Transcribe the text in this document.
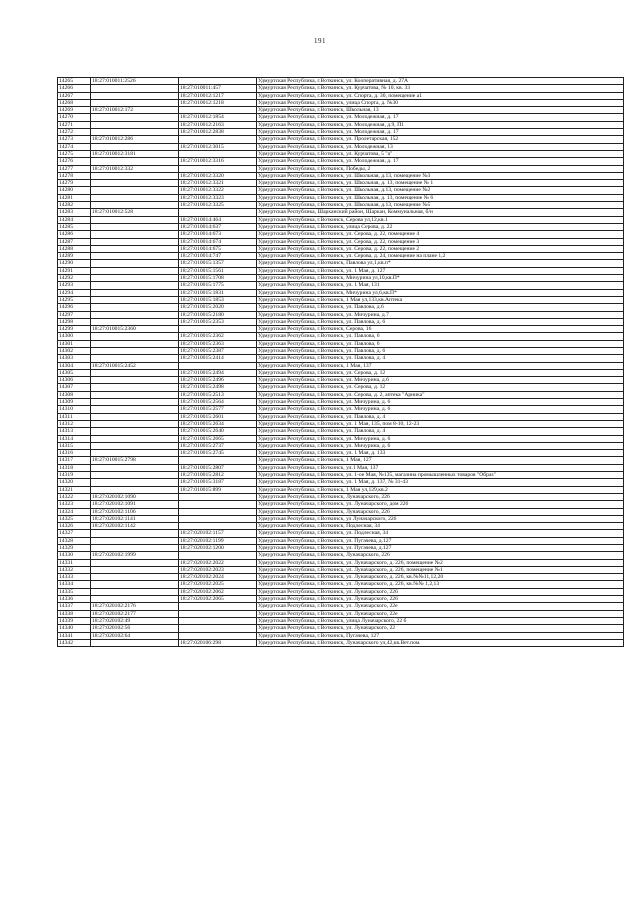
191
14265	18:27:010011:2526		Удмуртская Республика, г.Воткинск, ул. Кооперативная, д. 27А
14266		18:27:010011:457	Удмуртская Республика, г.Воткинск, ул. Курчатова, № 10, кв. 33
14267		18:27:010012:1217	Удмуртская Республика, г.Воткинск, ул. Спорта, д. 30, помещение а1
14268		18:27:010012:1218	Удмуртская Республика, г.Воткинск, улица Спорта, д. №30
14269	18:27:010012:172		Удмуртская Республика, г.Воткинск, Школьная, 13
14270		18:27:010012:1854	Удмуртская Республика, г.Воткинск, ул. Молодежная, д. 17
14271		18:27:010012:2163	Удмуртская Республика, г.Воткинск, ул. Молодежная, д.9, П1
14272		18:27:010012:2838	Удмуртская Республика, г.Воткинск, ул. Молодежная, д. 17
14273	18:27:010012:286		Удмуртская Республика, г.Воткинск, ул. Пролетарская, 152
14274		18:27:010012:3015	Удмуртская Республика, г.Воткинск, ул. Молодежная, 13
14275	18:27:010012:3181		Удмуртская Республика, г.Воткинск, ул. Курчатова, 5 "а"
14276		18:27:010012:3316	Удмуртская Республика, г.Воткинск, ул. Молодежная, д. 17
14277	18:27:010012:332		Удмуртская Республика, г.Воткинск, Победы, 2
14278		18:27:010012:3320	Удмуртская Республика, г.Воткинск, ул. Школьная, д.13, помещение №3
14279		18:27:010012:3321	Удмуртская Республика, г.Воткинск, ул. Школьная, д. 13, помещение № 1
14280		18:27:010012:3322	Удмуртская Республика, г.Воткинск, ул. Школьная, д.13, помещение №2
14281		18:27:010012:3323	Удмуртская Республика, г.Воткинск, ул. Школьная, д. 13, помещение № 6
14282		18:27:010012:3325	Удмуртская Республика, г.Воткинск, ул. Школьная, д.13, помещение №5
14283	18:27:010012:528		Удмуртская Республика, Шарканский район, Шаркан, Коммунальная, б/н
14284		18:27:010014:464	Удмуртская Республика, г.Воткинск, Серова ул,12,кв.1
14285		18:27:010014:637	Удмуртская Республика, г.Воткинск, улица Серова, д. 22
14286		18:27:010014:673	Удмуртская Республика, г.Воткинск, ул. Серова, д. 22, помещение 4
14287		18:27:010014:674	Удмуртская Республика, г.Воткинск, ул. Серова, д. 22, помещение 3
14288		18:27:010014:675	Удмуртская Республика, г.Воткинск, ул. Серова, д. 22, помещение 2
14289		18:27:010014:747	Удмуртская Республика, г.Воткинск, ул. Серова, д. 24, помещение на плане 1,2
14290		18:27:010015:1357	Удмуртская Республика, г.Воткинск, Павлова ул,1,кв.п*
14291		18:27:010015:1561	Удмуртская Республика, г.Воткинск, ул. 1 Мая, д. 127
14292		18:27:010015:1708	Удмуртская Республика, г.Воткинск, Мичурина ул,10,кв.П*
14293		18:27:010015:1775	Удмуртская Республика, г.Воткинск, ул. 1 Мая, 131
14294		18:27:010015:1831	Удмуртская Республика, г.Воткинск, Мичурина ул,6,кв.П*
14295		18:27:010015:1853	Удмуртская Республика, г.Воткинск, 1 Мая ул,133,кв.Аптека
14296		18:27:010015:2020	Удмуртская Республика, г.Воткинск, ул. Павлова, д.6
14297		18:27:010015:2180	Удмуртская Республика, г.Воткинск, ул. Мичурина, д.7
14298		18:27:010015:2353	Удмуртская Республика, г.Воткинск, ул. Павлова, д. 6
14299	18:27:010015:2360		Удмуртская Республика, г.Воткинск, Серова, 16
14300		18:27:010015:2362	Удмуртская Республика, г.Воткинск, ул. Павлова, 6
14301		18:27:010015:2363	Удмуртская Республика, г.Воткинск, ул. Павлова, 6
14302		18:27:010015:2387	Удмуртская Республика, г.Воткинск, ул. Павлова, д. 6
14303		18:27:010015:2414	Удмуртская Республика, г.Воткинск, ул. Павлова, д. 4
14304	18:27:010015:2452		Удмуртская Республика, г.Воткинск, 1 Мая, 137
14305		18:27:010015:2494	Удмуртская Республика, г.Воткинск, ул. Серова, д. 12
14306		18:27:010015:2496	Удмуртская Республика, г.Воткинск, ул. Мичурина, д.6
14307		18:27:010015:2498	Удмуртская Республика, г.Воткинск, ул. Серова, д. 12
14308		18:27:010015:2513	Удмуртская Республика, г.Воткинск, ул. Серова, д. 2, аптека "Арника"
14309		18:27:010015:2564	Удмуртская Республика, г.Воткинск, ул. Мичурина, д. 6
14310		18:27:010015:2577	Удмуртская Республика, г.Воткинск, ул. Мичурина, д. 6
14311		18:27:010015:2601	Удмуртская Республика, г.Воткинск, ул. Павлова, д. 4
14312		18:27:010015:2634	Удмуртская Республика, г.Воткинск, ул. 1 Мая, 135, пом 8-10, 12-23
14313		18:27:010015:2640	Удмуртская Республика, г.Воткинск, ул. Павлова, д. 4
14314		18:27:010015:2665	Удмуртская Республика, г.Воткинск, ул. Мичурина, д. 6
14315		18:27:010015:2737	Удмуртская Республика, г.Воткинск, ул. Мичурина, д. 6
14316		18:27:010015:2745	Удмуртская Республика, г.Воткинск, ул. 1 Мая, д. 133
14317	18:27:010015:2798		Удмуртская Республика, г.Воткинск, 1 Мая, 127
14318		18:27:010015:2807	Удмуртская Республика, г.Воткинск, ул.1 Мая, 137
14319		18:27:010015:2812	Удмуртская Республика, г.Воткинск, ул. 1-ое Мая, №135, магазина промышленных товаров "Образ"
14320		18:27:010015:3187	Удмуртская Республика, г.Воткинск, ул. 1 Мая, д. 137, № 31-43
14321		18:27:010015:899	Удмуртская Республика, г.Воткинск, 1 Мая ул,129,кв.2
14322	18:27:020102:1090		Удмуртская Республика, г.Воткинск, Луначарского, 226
14323	18:27:020102:1091		Удмуртская Республика, г.Воткинск, ул. Луначарского, дом 226
14324	18:27:020102:1106		Удмуртская Республика, г.Воткинск, Луначарского, 226
14325	18:27:020102:1141		Удмуртская Республика, г.Воткинск, ул Луначарского, 226
14326	18:27:020102:1142		Удмуртская Республика, г.Воткинск, Подлесная, 34
14327		18:27:020102:1157	Удмуртская Республика, г.Воткинск, ул. Подлесная, 34
14328		18:27:020102:1199	Удмуртская Республика, г.Воткинск, ул. Пугачева, д.127
14329		18:27:020102:1200	Удмуртская Республика, г.Воткинск, ул. Пугачева, д.127
14330	18:27:020102:1999		Удмуртская Республика, г.Воткинск, Луначарского, 226
14331		18:27:020102:2022	Удмуртская Республика, г.Воткинск, ул. Луначарского, д. 226, помещение №2
14332		18:27:020102:2023	Удмуртская Республика, г.Воткинск, ул. Луначарского, д. 226, помещение №1
14333		18:27:020102:2024	Удмуртская Республика, г.Воткинск, ул. Луначарского, д. 226, кв.№№11,12,20
14334		18:27:020102:2025	Удмуртская Республика, г.Воткинск, ул. Луначарского, д. 226, кв.№№ 1,2,13
14335		18:27:020102:2062	Удмуртская Республика, г.Воткинск, ул. Луначарского, 226
14336		18:27:020102:2065	Удмуртская Республика, г.Воткинск, ул. Луначарского, 226
14337	18:27:020102:2176		Удмуртская Республика, г.Воткинск, ул. Луначарского, 22е
14338	18:27:020102:2177		Удмуртская Республика, г.Воткинск, ул. Луначарского, 22е
14339	18:27:020102:49		Удмуртская Республика, г.Воткинск, улица Луначарского, 22 б
14340	18:27:020102:56		Удмуртская Республика, г.Воткинск, ул. Луначарского, 22
14341	18:27:020102:64		Удмуртская Республика, г.Воткинск, Пугачева, 127
14342		18:27:020106:298	Удмуртская Республика, г.Воткинск, Луначарского ул,42,кв.Вет.пом.
